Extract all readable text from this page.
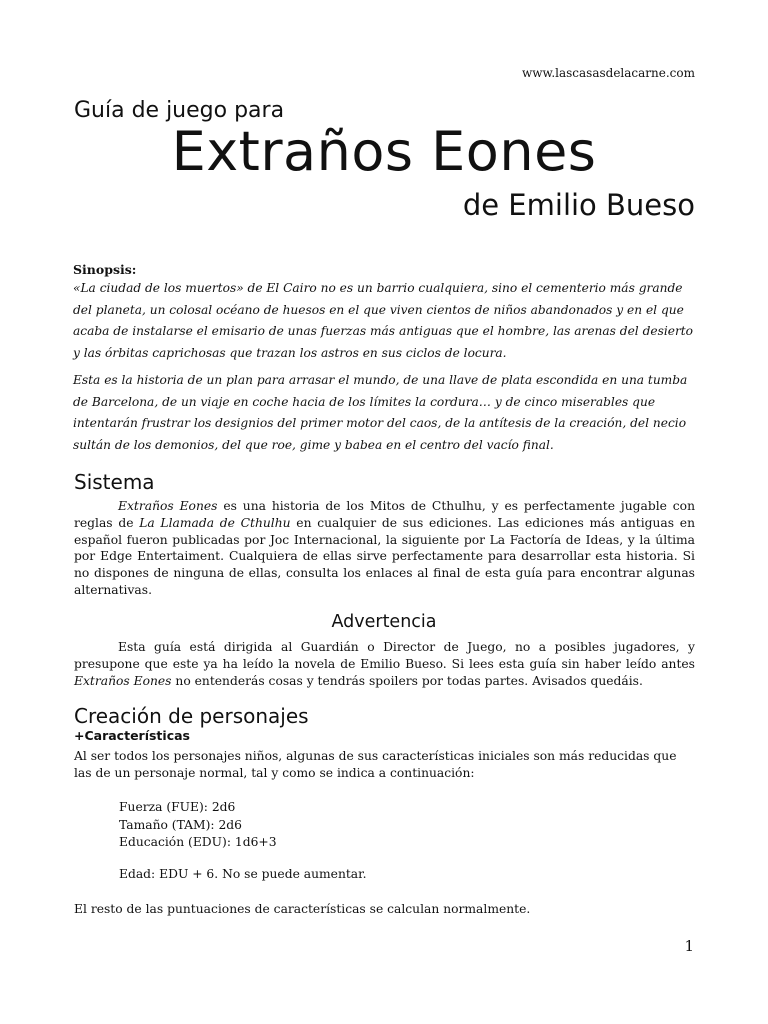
www.lascasasdelacarne.com
Guía de juego para
Extraños Eones
de Emilio Bueso
Sinopsis:

«La ciudad de los muertos» de El Cairo no es un barrio cualquiera, sino el cementerio más grande del planeta, un colosal océano de huesos en el que viven cientos de niños abandonados y en el que acaba de instalarse el emisario de unas fuerzas más antiguas que el hombre, las arenas del desierto y las órbitas caprichosas que trazan los astros en sus ciclos de locura.

Esta es la historia de un plan para arrasar el mundo, de una llave de plata escondida en una tumba de Barcelona, de un viaje en coche hacia de los límites la cordura… y de cinco miserables que intentarán frustrar los designios del primer motor del caos, de la antítesis de la creación, del necio sultán de los demonios, del que roe, gime y babea en el centro del vacío final.

Sistema

Extraños Eones es una historia de los Mitos de Cthulhu, y es perfectamente jugable con reglas de La Llamada de Cthulhu en cualquier de sus ediciones. Las ediciones más antiguas en español fueron publicadas por Joc Internacional, la siguiente por La Factoría de Ideas, y la última por Edge Entertaiment. Cualquiera de ellas sirve perfectamente para desarrollar esta historia. Si no dispones de ninguna de ellas, consulta los enlaces al final de esta guía para encontrar algunas alternativas.

Advertencia

Esta guía está dirigida al Guardián o Director de Juego, no a posibles jugadores, y presupone que este ya ha leído la novela de Emilio Bueso. Si lees esta guía sin haber leído antes Extraños Eones no entenderás cosas y tendrás spoilers por todas partes. Avisados quedáis.

Creación de personajes
+Características

Al ser todos los personajes niños, algunas de sus características iniciales son más reducidas que las de un personaje normal, tal y como se indica a continuación:

Fuerza (FUE): 2d6
Tamaño (TAM): 2d6
Educación (EDU): 1d6+3
Edad: EDU + 6. No se puede aumentar.
El resto de las puntuaciones de características se calculan normalmente.
1
